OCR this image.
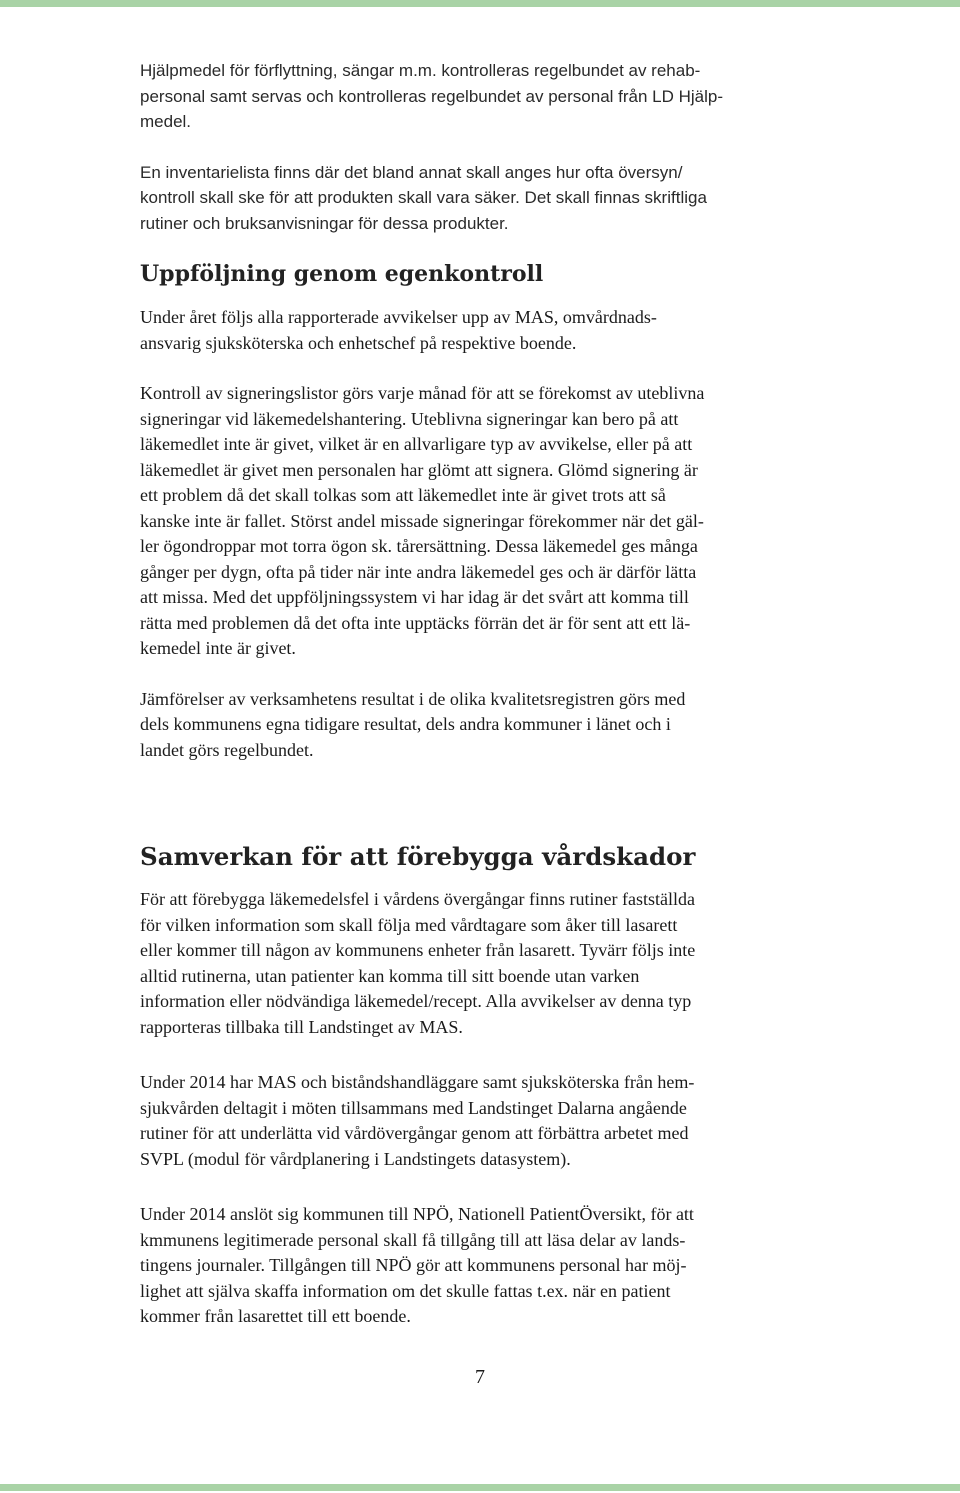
Hjälpmedel för förflyttning, sängar m.m. kontrolleras regelbundet av rehab-
personal samt servas och kontrolleras regelbundet av personal från LD Hjälp-
medel.

En inventarielista finns där det bland annat skall anges hur ofta översyn/
kontroll skall ske för att produkten skall vara säker. Det skall finnas skriftliga
rutiner och bruksanvisningar för dessa produkter.

Uppföljning genom egenkontroll

Under året följs alla rapporterade avvikelser upp av MAS, omvårdnads-
ansvarig sjuksköterska och enhetschef på respektive boende.

Kontroll av signeringslistor görs varje månad för att se förekomst av uteblivna
signeringar vid läkemedelshantering. Uteblivna signeringar kan bero på att
läkemedlet inte är givet, vilket är en allvarligare typ av avvikelse, eller på att
läkemedlet är givet men personalen har glömt att signera. Glömd signering är
ett problem då det skall tolkas som att läkemedlet inte är givet trots att så
kanske inte är fallet. Störst andel missade signeringar förekommer när det gäl-
ler ögondroppar mot torra ögon sk. tårersättning. Dessa läkemedel ges många
gånger per dygn, ofta på tider när inte andra läkemedel ges och är därför lätta
att missa. Med det uppföljningssystem vi har idag är det svårt att komma till
rätta med problemen då det ofta inte upptäcks förrän det är för sent att ett lä-
kemedel inte är givet.

Jämförelser av verksamhetens resultat i de olika kvalitetsregistren görs med
dels kommunens egna tidigare resultat, dels andra kommuner i länet och i
landet görs regelbundet.

Samverkan för att förebygga vårdskador

För att förebygga läkemedelsfel i vårdens övergångar finns rutiner fastställda
för vilken information som skall följa med vårdtagare som åker till lasarett
eller kommer till någon av kommunens enheter från lasarett. Tyvärr följs inte
alltid rutinerna, utan patienter kan komma till sitt boende utan varken
information eller nödvändiga läkemedel/recept. Alla avvikelser av denna typ
rapporteras tillbaka till Landstinget av MAS.

Under 2014 har MAS och biståndshandläggare samt sjuksköterska från hem-
sjukvården deltagit i möten tillsammans med Landstinget Dalarna angående
rutiner för att underlätta vid vårdövergångar genom att förbättra arbetet med
SVPL (modul för vårdplanering i Landstingets datasystem).

Under 2014 anslöt sig kommunen till NPÖ, Nationell PatientÖversikt, för att
kmmunens legitimerade personal skall få tillgång till att läsa delar av lands-
tingens journaler. Tillgången till NPÖ gör att kommunens personal har möj-
lighet att själva skaffa information om det skulle fattas t.ex. när en patient
kommer från lasarettet till ett boende.

7
